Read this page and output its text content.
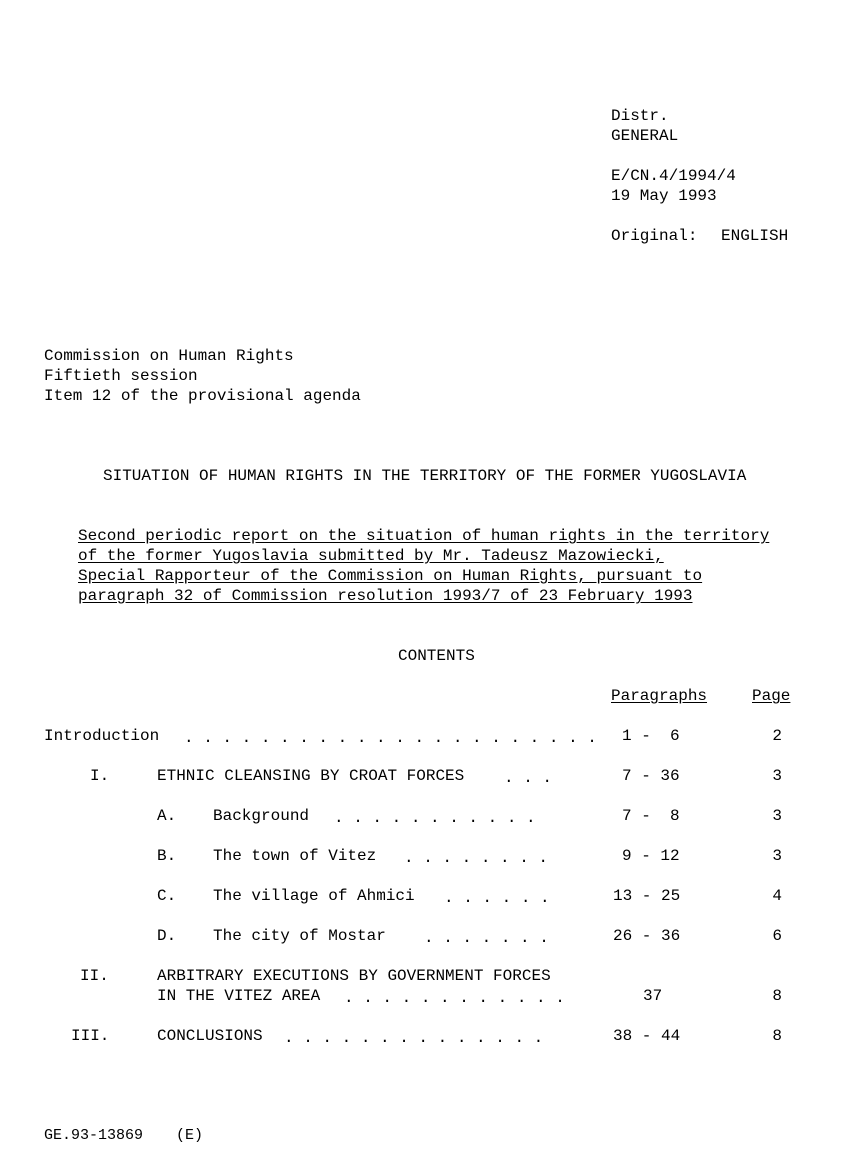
Distr.
GENERAL
E/CN.4/1994/4
19 May 1993
Original: ENGLISH
Commission on Human Rights
Fiftieth session
Item 12 of the provisional agenda
SITUATION OF HUMAN RIGHTS IN THE TERRITORY OF THE FORMER YUGOSLAVIA
Second periodic report on the situation of human rights in the territory
of the former Yugoslavia submitted by Mr. Tadeusz Mazowiecki,
Special Rapporteur of the Commission on Human Rights, pursuant to
paragraph 32 of Commission resolution 1993/7 of 23 February 1993
CONTENTS
Paragraphs	Page
Introduction . . . . . . . . . . . . . . . . . . . . . . 1 -  6	2
I.	ETHNIC CLEANSING BY CROAT FORCES . . .	7 - 36	3
A. Background . . . . . . . . . . .	7 -  8	3
B. The town of Vitez . . . . . . . .	9 - 12	3
C. The village of Ahmici . . . . . .	13 - 25	4
D. The city of Mostar . . . . . . .	26 - 36	6
II.	ARBITRARY EXECUTIONS BY GOVERNMENT FORCES
IN THE VITEZ AREA . . . . . . . . . . . .	37	8
III.	CONCLUSIONS . . . . . . . . . . . . . .	38 - 44	8
GE.93-13869 (E)
